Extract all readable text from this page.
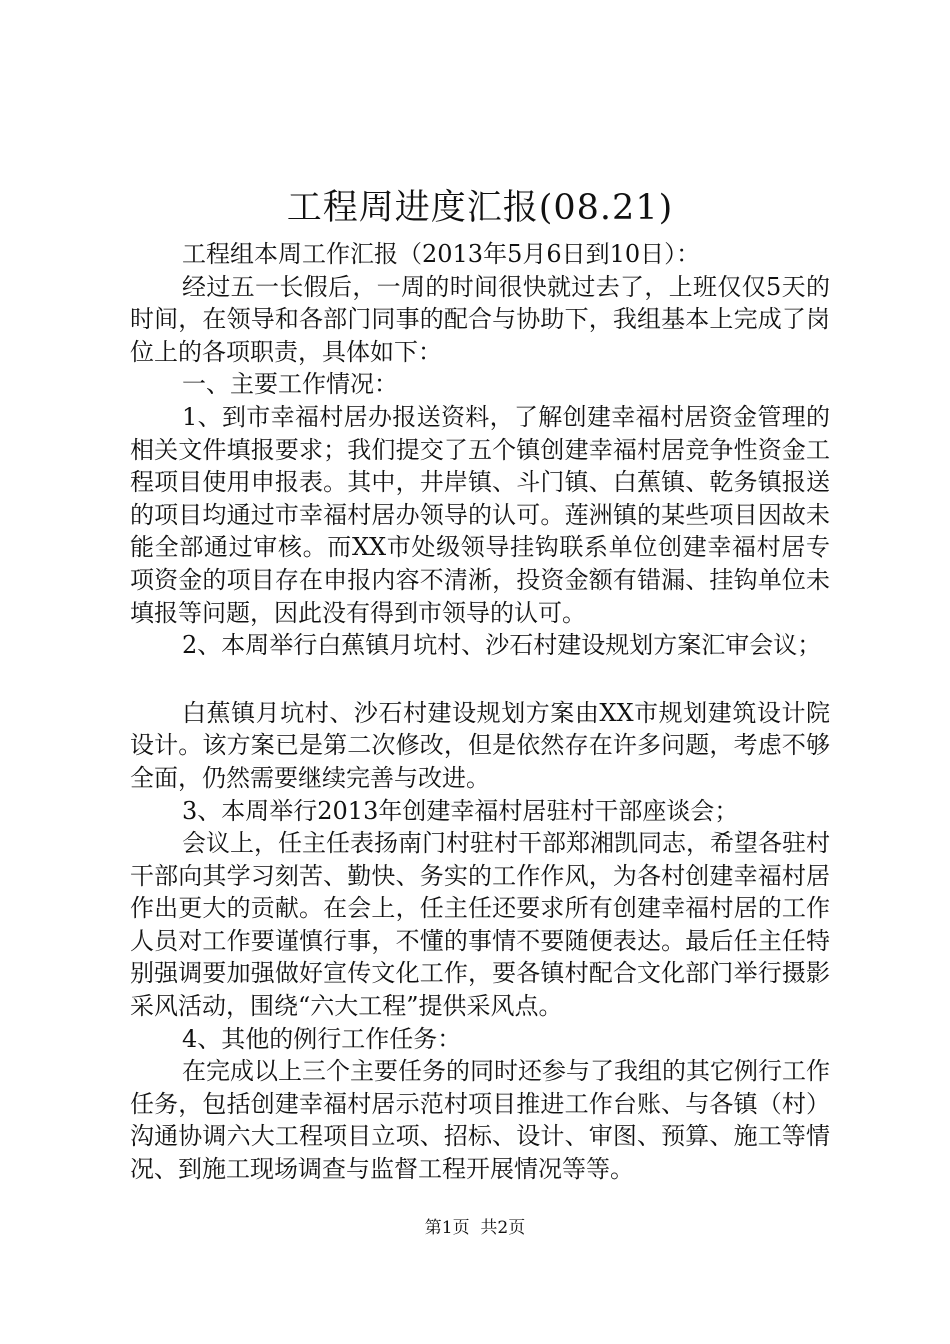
工程周进度汇报(08.21)

工程组本周工作汇报（2013年5月6日到10日）：

经过五一长假后，一周的时间很快就过去了，上班仅仅5天的时间，在领导和各部门同事的配合与协助下，我组基本上完成了岗位上的各项职责，具体如下：

一、主要工作情况：

1、到市幸福村居办报送资料，了解创建幸福村居资金管理的相关文件填报要求；我们提交了五个镇创建幸福村居竞争性资金工程项目使用申报表。其中，井岸镇、斗门镇、白蕉镇、乾务镇报送的项目均通过市幸福村居办领导的认可。莲洲镇的某些项目因故未能全部通过审核。而XX市处级领导挂钩联系单位创建幸福村居专项资金的项目存在申报内容不清淅，投资金额有错漏、挂钩单位未填报等问题，因此没有得到市领导的认可。

2、本周举行白蕉镇月坑村、沙石村建设规划方案汇审会议；

白蕉镇月坑村、沙石村建设规划方案由XX市规划建筑设计院设计。该方案已是第二次修改，但是依然存在许多问题，考虑不够全面，仍然需要继续完善与改进。

3、本周举行2013年创建幸福村居驻村干部座谈会；

会议上，任主任表扬南门村驻村干部郑湘凯同志，希望各驻村干部向其学习刻苦、勤快、务实的工作作风，为各村创建幸福村居作出更大的贡献。在会上，任主任还要求所有创建幸福村居的工作人员对工作要谨慎行事，不懂的事情不要随便表达。最后任主任特别强调要加强做好宣传文化工作，要各镇村配合文化部门举行摄影采风活动，围绕“六大工程”提供采风点。

4、其他的例行工作任务：

在完成以上三个主要任务的同时还参与了我组的其它例行工作任务，包括创建幸福村居示范村项目推进工作台账、与各镇（村）沟通协调六大工程项目立项、招标、设计、审图、预算、施工等情况、到施工现场调查与监督工程开展情况等等。

第1页  共2页
